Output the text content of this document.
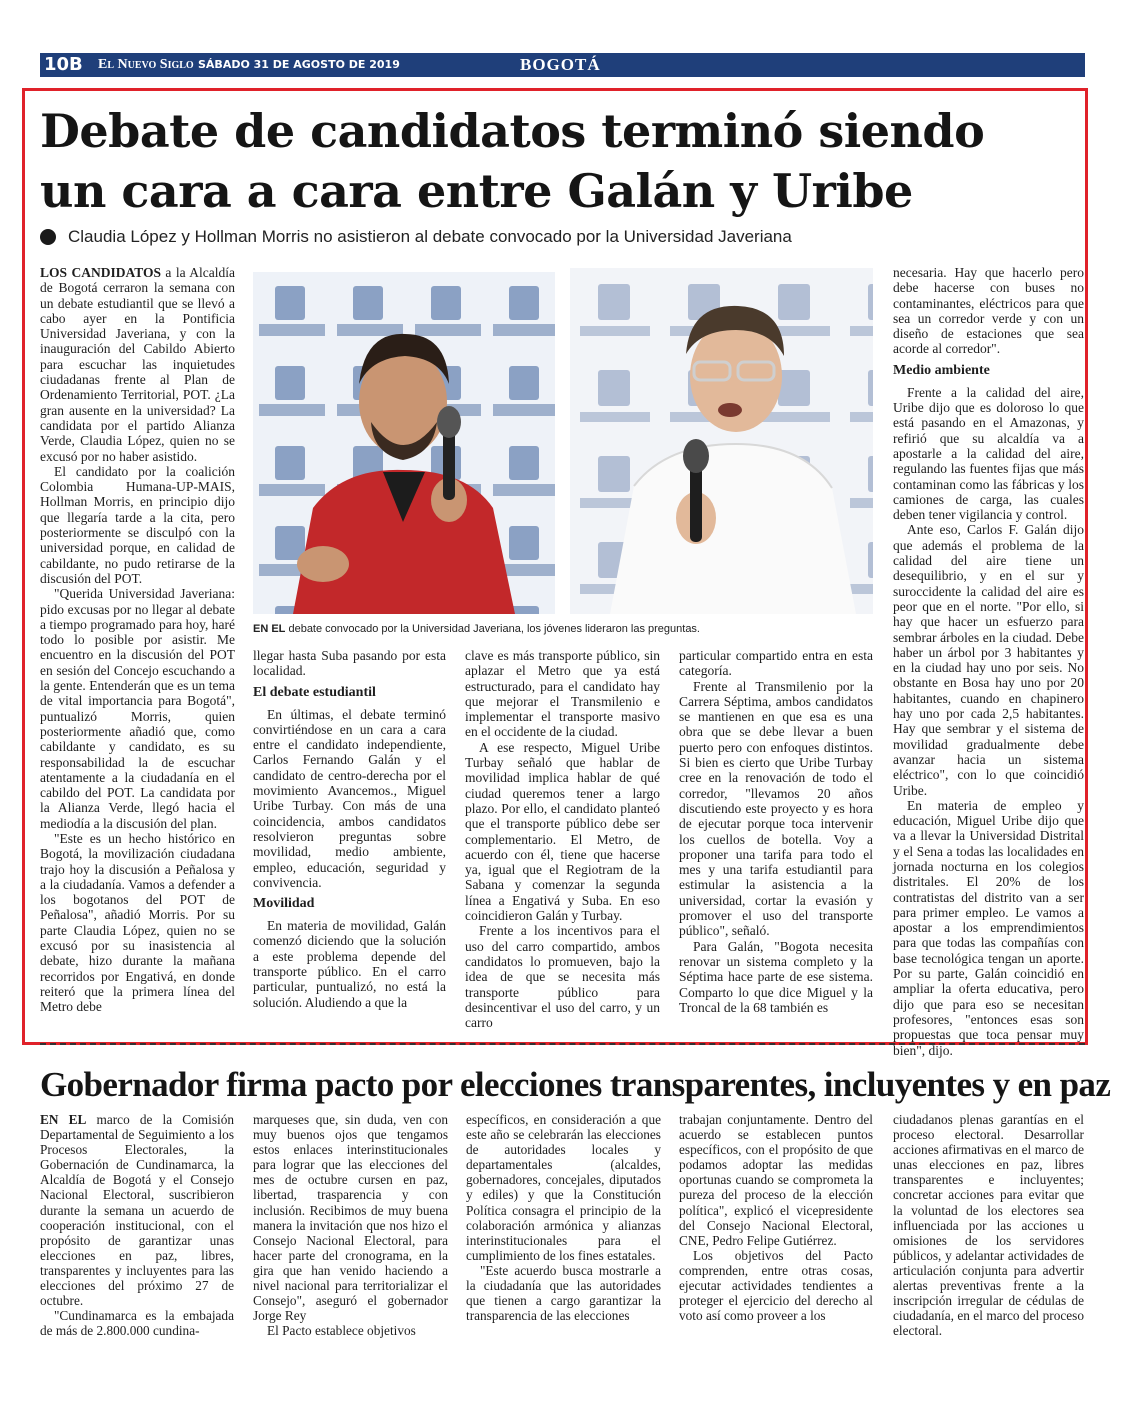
10B El Nuevo Siglo SÁBADO 31 DE AGOSTO DE 2019	BOGOTÁ
Debate de candidatos terminó siendo
un cara a cara entre Galán y Uribe
Claudia López y Hollman Morris no asistieron al debate convocado por la Universidad Javeriana

LOS CANDIDATOS a la Alcaldía de Bogotá cerraron la semana con un debate estudiantil que se llevó a cabo ayer en la Pontificia Universidad Javeriana, y con la inauguración del Cabildo Abierto para escuchar las inquietudes ciudadanas frente al Plan de Ordenamiento Territorial, POT. ¿La gran ausente en la universidad? La candidata por el partido Alianza Verde, Claudia López, quien no se excusó por no haber asistido.

El candidato por la coalición Colombia Humana-UP-MAIS, Hollman Morris, en principio dijo que llegaría tarde a la cita, pero posteriormente se disculpó con la universidad porque, en calidad de cabildante, no pudo retirarse de la discusión del POT.

"Querida Universidad Javeriana: pido excusas por no llegar al debate a tiempo programado para hoy, haré todo lo posible por asistir. Me encuentro en la discusión del POT en sesión del Concejo escuchando a la gente. Entenderán que es un tema de vital importancia para Bogotá", puntualizó Morris, quien posteriormente añadió que, como cabildante y candidato, es su responsabilidad la de escuchar atentamente a la ciudadanía en el cabildo del POT. La candidata por la Alianza Verde, llegó hacia el mediodía a la discusión del plan.

"Este es un hecho histórico en Bogotá, la movilización ciudadana trajo hoy la discusión a Peñalosa y a la ciudadanía. Vamos a defender a los bogotanos del POT de Peñalosa", añadió Morris. Por su parte Claudia López, quien no se excusó por su inasistencia al debate, hizo durante la mañana recorridos por Engativá, en donde reiteró que la primera línea del Metro debe

EN EL debate convocado por la Universidad Javeriana, los jóvenes lideraron las preguntas.

llegar hasta Suba pasando por esta localidad.

El debate estudiantil

En últimas, el debate terminó convirtiéndose en un cara a cara entre el candidato independiente, Carlos Fernando Galán y el candidato de centro-derecha por el movimiento Avancemos., Miguel Uribe Turbay. Con más de una coincidencia, ambos candidatos resolvieron preguntas sobre movilidad, medio ambiente, empleo, educación, seguridad y convivencia.

Movilidad

En materia de movilidad, Galán comenzó diciendo que la solución a este problema depende del transporte público. En el carro particular, puntualizó, no está la solución. Aludiendo a que la

clave es más transporte público, sin aplazar el Metro que ya está estructurado, para el candidato hay que mejorar el Transmilenio e implementar el transporte masivo en el occidente de la ciudad.

A ese respecto, Miguel Uribe Turbay señaló que hablar de movilidad implica hablar de qué ciudad queremos tener a largo plazo. Por ello, el candidato planteó que el transporte público debe ser complementario. El Metro, de acuerdo con él, tiene que hacerse ya, igual que el Regiotram de la Sabana y comenzar la segunda línea a Engativá y Suba. En eso coincidieron Galán y Turbay.

Frente a los incentivos para el uso del carro compartido, ambos candidatos lo promueven, bajo la idea de que se necesita más transporte público para desincentivar el uso del carro, y un carro

particular compartido entra en esta categoría.

Frente al Transmilenio por la Carrera Séptima, ambos candidatos se mantienen en que esa es una obra que se debe llevar a buen puerto pero con enfoques distintos. Si bien es cierto que Uribe Turbay cree en la renovación de todo el corredor, "llevamos 20 años discutiendo este proyecto y es hora de ejecutar porque toca intervenir los cuellos de botella. Voy a proponer una tarifa para todo el mes y una tarifa estudiantil para estimular la asistencia a la universidad, cortar la evasión y promover el uso del transporte público", señaló.

Para Galán, "Bogota necesita renovar un sistema completo y la Séptima hace parte de ese sistema. Comparto lo que dice Miguel y la Troncal de la 68 también es

necesaria. Hay que hacerlo pero debe hacerse con buses no contaminantes, eléctricos para que sea un corredor verde y con un diseño de estaciones que sea acorde al corredor".

Medio ambiente

Frente a la calidad del aire, Uribe dijo que es doloroso lo que está pasando en el Amazonas, y refirió que su alcaldía va a apostarle a la calidad del aire, regulando las fuentes fijas que más contaminan como las fábricas y los camiones de carga, las cuales deben tener vigilancia y control.

Ante eso, Carlos F. Galán dijo que además el problema de la calidad del aire tiene un desequilibrio, y en el sur y suroccidente la calidad del aire es peor que en el norte. "Por ello, si hay que hacer un esfuerzo para sembrar árboles en la ciudad. Debe haber un árbol por 3 habitantes y en la ciudad hay uno por seis. No obstante en Bosa hay uno por 20 habitantes, cuando en chapinero hay uno por cada 2,5 habitantes. Hay que sembrar y el sistema de movilidad gradualmente debe avanzar hacia un sistema eléctrico", con lo que coincidió Uribe.

En materia de empleo y educación, Miguel Uribe dijo que va a llevar la Universidad Distrital y el Sena a todas las localidades en jornada nocturna en los colegios distritales. El 20% de los contratistas del distrito van a ser para primer empleo. Le vamos a apostar a los emprendimientos para que todas las compañías con base tecnológica tengan un aporte. Por su parte, Galán coincidió en ampliar la oferta educativa, pero dijo que para eso se necesitan profesores, "entonces esas son propuestas que toca pensar muy bien", dijo.

Gobernador firma pacto por elecciones transparentes, incluyentes y en paz

EN EL marco de la Comisión Departamental de Seguimiento a los Procesos Electorales, la Gobernación de Cundinamarca, la Alcaldía de Bogotá y el Consejo Nacional Electoral, suscribieron durante la semana un acuerdo de cooperación institucional, con el propósito de garantizar unas elecciones en paz, libres, transparentes y incluyentes para las elecciones del próximo 27 de octubre.

"Cundinamarca es la embajada de más de 2.800.000 cundina-

marqueses que, sin duda, ven con muy buenos ojos que tengamos estos enlaces interinstitucionales para lograr que las elecciones del mes de octubre cursen en paz, libertad, trasparencia y con inclusión. Recibimos de muy buena manera la invitación que nos hizo el Consejo Nacional Electoral, para hacer parte del cronograma, en la gira que han venido haciendo a nivel nacional para territorializar el Consejo", aseguró el gobernador Jorge Rey

El Pacto establece objetivos

específicos, en consideración a que este año se celebrarán las elecciones de autoridades locales y departamentales (alcaldes, gobernadores, concejales, diputados y ediles) y que la Constitución Política consagra el principio de la colaboración armónica y alianzas interinstitucionales para el cumplimiento de los fines estatales.

"Este acuerdo busca mostrarle a la ciudadanía que las autoridades que tienen a cargo garantizar la transparencia de las elecciones

trabajan conjuntamente. Dentro del acuerdo se establecen puntos específicos, con el propósito de que podamos adoptar las medidas oportunas cuando se comprometa la pureza del proceso de la elección política", explicó el vicepresidente del Consejo Nacional Electoral, CNE, Pedro Felipe Gutiérrez.

Los objetivos del Pacto comprenden, entre otras cosas, ejecutar actividades tendientes a proteger el ejercicio del derecho al voto así como proveer a los

ciudadanos plenas garantías en el proceso electoral. Desarrollar acciones afirmativas en el marco de unas elecciones en paz, libres transparentes e incluyentes; concretar acciones para evitar que la voluntad de los electores sea influenciada por las acciones u omisiones de los servidores públicos, y adelantar actividades de articulación conjunta para advertir alertas preventivas frente a la inscripción irregular de cédulas de ciudadanía, en el marco del proceso electoral.
